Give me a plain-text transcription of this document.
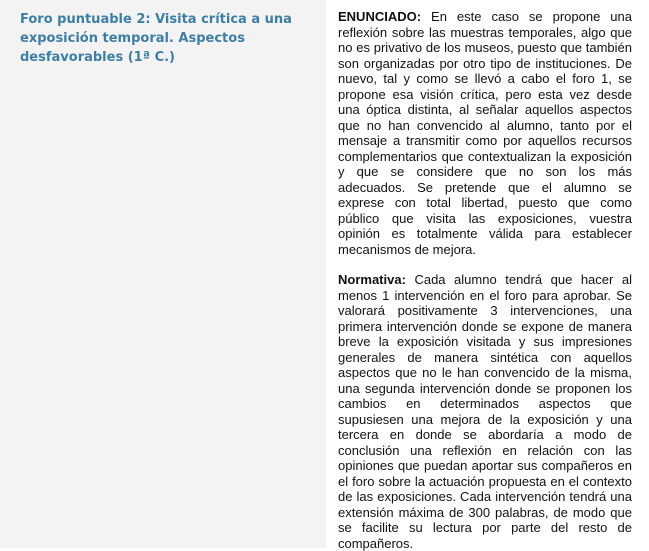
Foro puntuable 2: Visita crítica a una exposición temporal. Aspectos desfavorables (1ª C.)

ENUNCIADO: En este caso se propone una reflexión sobre las muestras temporales, algo que no es privativo de los museos, puesto que también son organizadas por otro tipo de instituciones. De nuevo, tal y como se llevó a cabo el foro 1, se propone esa visión crítica, pero esta vez desde una óptica distinta, al señalar aquellos aspectos que no han convencido al alumno, tanto por el mensaje a transmitir como por aquellos recursos complementarios que contextualizan la exposición y que se considere que no son los más adecuados. Se pretende que el alumno se exprese con total libertad, puesto que como público que visita las exposiciones, vuestra opinión es totalmente válida para establecer mecanismos de mejora.

Normativa: Cada alumno tendrá que hacer al menos 1 intervención en el foro para aprobar. Se valorará positivamente 3 intervenciones, una primera intervención donde se expone de manera breve la exposición visitada y sus impresiones generales de manera sintética con aquellos aspectos que no le han convencido de la misma, una segunda intervención donde se proponen los cambios en determinados aspectos que supusiesen una mejora de la exposición y una tercera en donde se abordaría a modo de conclusión una reflexión en relación con las opiniones que puedan aportar sus compañeros en el foro sobre la actuación propuesta en el contexto de las exposiciones. Cada intervención tendrá una extensión máxima de 300 palabras, de modo que se facilite su lectura por parte del resto de compañeros.
